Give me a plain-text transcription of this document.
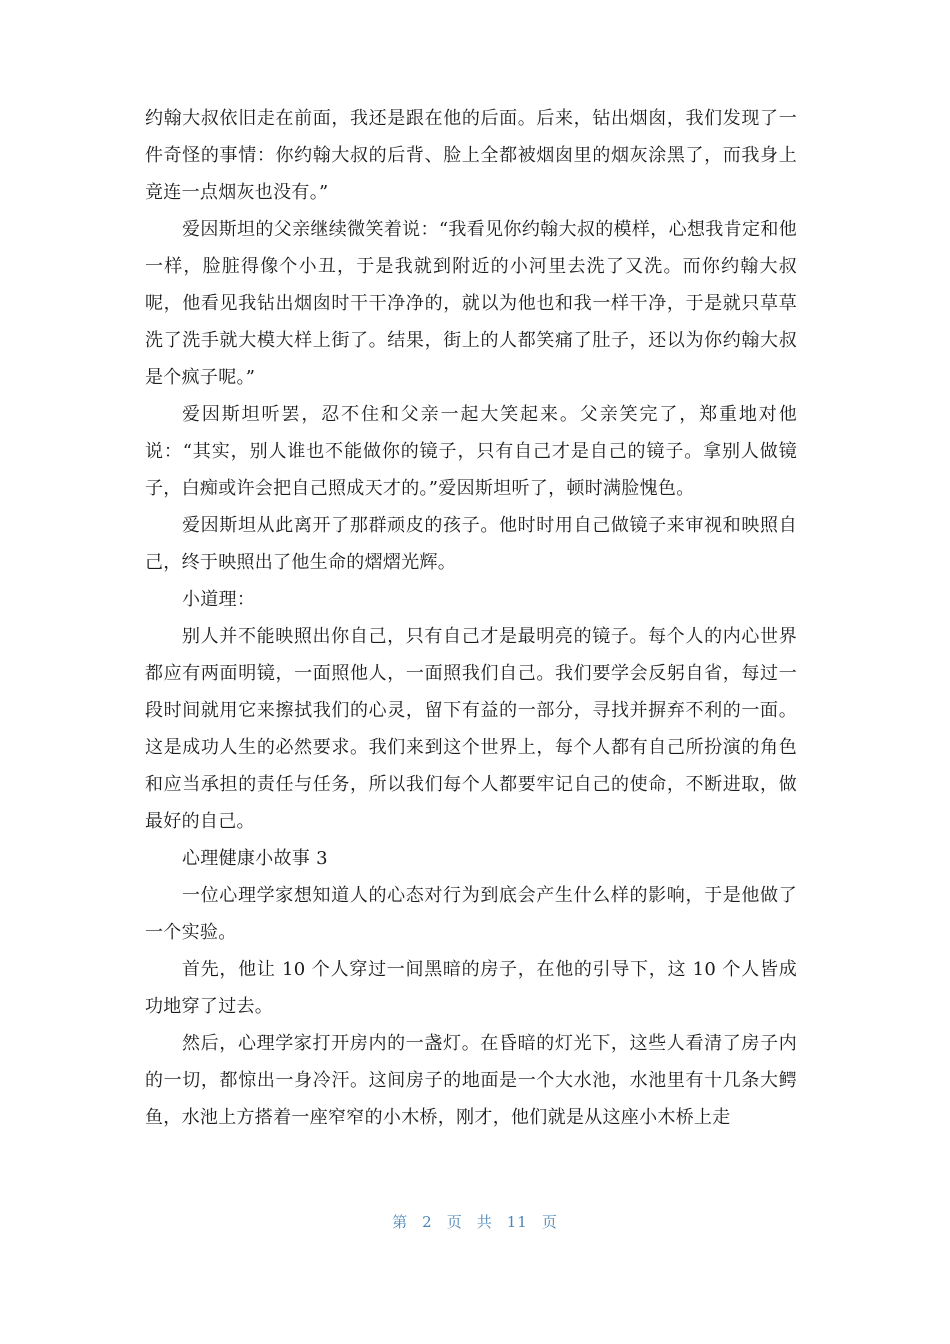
约翰大叔依旧走在前面，我还是跟在他的后面。后来，钻出烟囱，我们发现了一件奇怪的事情：你约翰大叔的后背、脸上全都被烟囱里的烟灰涂黑了，而我身上竟连一点烟灰也没有。”

爱因斯坦的父亲继续微笑着说：“我看见你约翰大叔的模样，心想我肯定和他一样，脸脏得像个小丑，于是我就到附近的小河里去洗了又洗。而你约翰大叔呢，他看见我钻出烟囱时干干净净的，就以为他也和我一样干净，于是就只草草洗了洗手就大模大样上街了。结果，街上的人都笑痛了肚子，还以为你约翰大叔是个疯子呢。”

爱因斯坦听罢，忍不住和父亲一起大笑起来。父亲笑完了，郑重地对他说：“其实，别人谁也不能做你的镜子，只有自己才是自己的镜子。拿别人做镜子，白痴或许会把自己照成天才的。”爱因斯坦听了，顿时满脸愧色。

爱因斯坦从此离开了那群顽皮的孩子。他时时用自己做镜子来审视和映照自己，终于映照出了他生命的熠熠光辉。

小道理：

别人并不能映照出你自己，只有自己才是最明亮的镜子。每个人的内心世界都应有两面明镜，一面照他人，一面照我们自己。我们要学会反躬自省，每过一段时间就用它来擦拭我们的心灵，留下有益的一部分，寻找并摒弃不利的一面。这是成功人生的必然要求。我们来到这个世界上，每个人都有自己所扮演的角色和应当承担的责任与任务，所以我们每个人都要牢记自己的使命，不断进取，做最好的自己。

心理健康小故事 3

一位心理学家想知道人的心态对行为到底会产生什么样的影响，于是他做了一个实验。

首先，他让 10 个人穿过一间黑暗的房子，在他的引导下，这 10 个人皆成功地穿了过去。

然后，心理学家打开房内的一盏灯。在昏暗的灯光下，这些人看清了房子内的一切，都惊出一身冷汗。这间房子的地面是一个大水池，水池里有十几条大鳄鱼，水池上方搭着一座窄窄的小木桥，刚才，他们就是从这座小木桥上走

第 2 页 共 11 页
